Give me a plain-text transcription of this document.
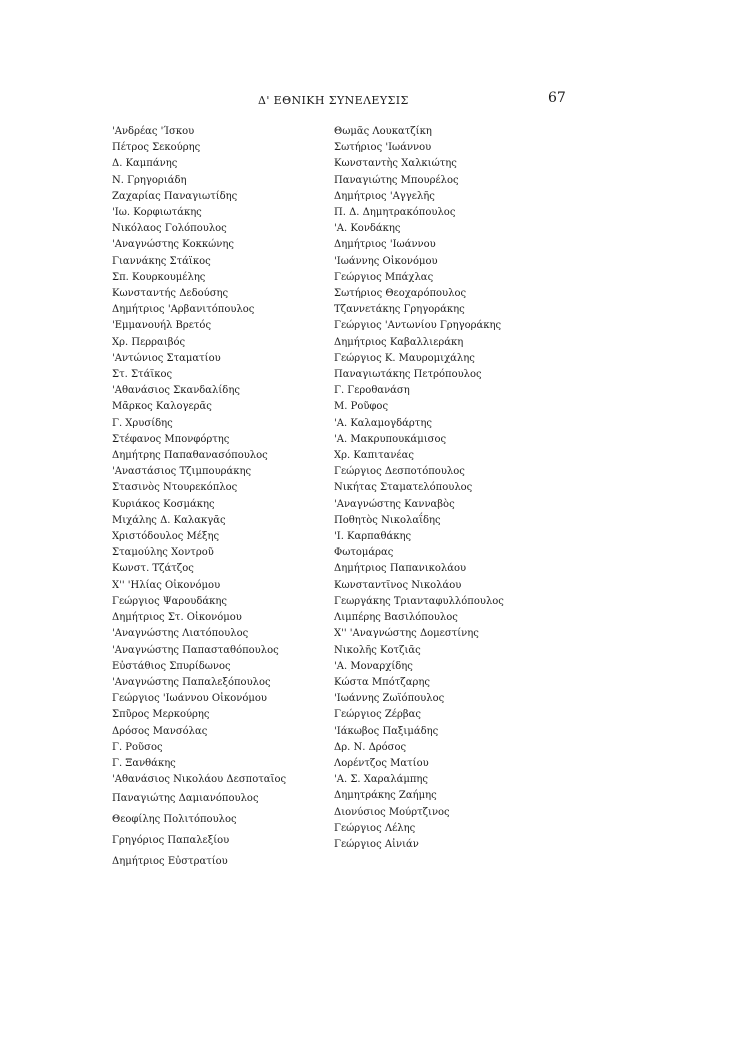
Δ' ΕΘΝΙΚΗ ΣΥΝΕΛΕΥΣΙΣ	67
'Ανδρέας 'Ίσκου
Πέτρος Σεκούρης
Δ. Καμπάνης
Ν. Γρηγοριάδη
Ζαχαρίας Παναγιωτίδης
'Ιω. Κορφιωτάκης
Νικόλαος Γολόπουλος
'Αναγνώστης Κοκκώνης
Γιαννάκης Στάϊκος
Σπ. Κουρκουμέλης
Κωνσταντής Δεδούσης
Δημήτριος 'Αρβανιτόπουλος
'Εμμανουήλ Βρετός
Χρ. Περραιβός
'Αντώνιος Σταματίου
Στ. Στάϊκος
'Αθανάσιος Σκανδαλίδης
Μᾶρκος Καλογερᾶς
Γ. Χρυσίδης
Στέφανος Μπονφόρτης
Δημήτρης Παπαθανασόπουλος
'Αναστάσιος Τζιμπουράκης
Στασινὸς Ντουρεκόπλος
Κυριάκος Κοσμάκης
Μιχάλης Δ. Καλακγᾶς
Χριστόδουλος Μέξης
Σταμούλης Χοντροῦ
Κωνστ. Τζάτζος
Χ'' 'Ηλίας Οἰκονόμου
Γεώργιος Ψαρουδάκης
Δημήτριος Στ. Οἰκονόμου
'Αναγνώστης Λιατόπουλος
'Αναγνώστης Παπασταθόπουλος
Εὐστάθιος Σπυρίδωνος
'Αναγνώστης Παπαλεξόπουλος
Γεώργιος 'Ιωάννου Οἰκονόμου
Σπῦρος Μερκούρης
Δρόσος Μανσόλας
Γ. Ροῦσος
Γ. Ξανθάκης
'Αθανάσιος Νικολάου Δεσποταῖος
Παναγιώτης Δαμιανόπουλος
Θεοφίλης Πολιτόπουλος
Γρηγόριος Παπαλεξίου
Δημήτριος Εὐστρατίου
Θωμᾶς Λουκατζίκη
Σωτήριος 'Ιωάννου
Κωνσταντὴς Χαλκιώτης
Παναγιώτης Μπουρέλος
Δημήτριος 'Αγγελῆς
Π. Δ. Δημητρακόπουλος
'Α. Κονδάκης
Δημήτριος 'Ιωάννου
'Ιωάννης Οἰκονόμου
Γεώργιος Μπάχλας
Σωτήριος Θεοχαρόπουλος
Τζαννετάκης Γρηγοράκης
Γεώργιος 'Αντωνίου Γρηγοράκης
Δημήτριος Καβαλλιεράκη
Γεώργιος Κ. Μαυρομιχάλης
Παναγιωτάκης Πετρόπουλος
Γ. Γεροθανάση
Μ. Ροῦφος
'Α. Καλαμογδάρτης
'Α. Μακρυπουκάμισος
Χρ. Καπιτανέας
Γεώργιος Δεσποτόπουλος
Νικήτας Σταματελόπουλος
'Αναγνώστης Κανναβὸς
Ποθητὸς Νικολαΐδης
'Ι. Καρπαθάκης
Φωτομάρας
Δημήτριος Παπανικολάου
Κωνσταντῖνος Νικολάου
Γεωργάκης Τριανταφυλλόπουλος
Λιμπέρης Βασιλόπουλος
Χ'' 'Αναγνώστης Δομεστίνης
Νικολῆς Κοτζιᾶς
'Α. Μοναρχίδης
Κώστα Μπότζαρης
'Ιωάννης Ζωϊόπουλος
Γεώργιος Ζέρβας
'Ιάκωβος Παξιμάδης
Δρ. Ν. Δρόσος
Λορέντζος Ματίου
'Α. Σ. Χαραλάμπης
Δημητράκης Ζαήμης
Διονύσιος Μούρτζινος
Γεώργιος Λέλης
Γεώργιος Αἰνιάν
